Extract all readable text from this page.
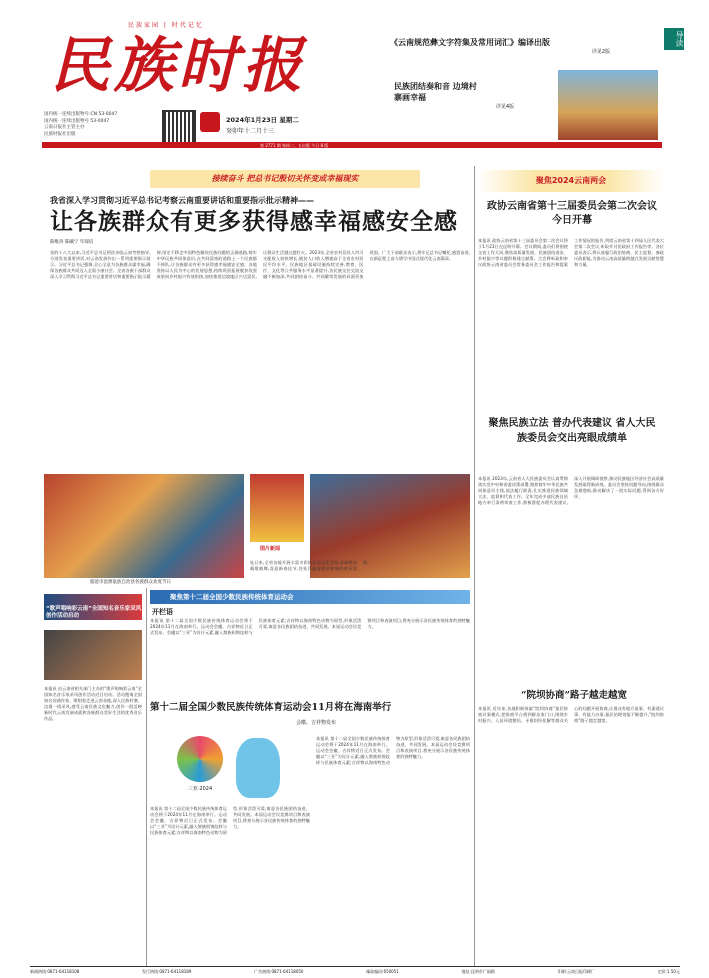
民族家园 | 时代记忆
民族时报
国内统一连续出版物号:CN 53-0047
国内统一连续出版物号 53-0047
云南日报社主管主办
民族时报社出版
2024年1月23日 星期二
癸卯年十二月十三
第 2771 期 每周二、五出版 今日 8 版
《云南规范彝文字符集及常用词汇》编译出版
详见2版
民族团结奏和音 边境村寨画幸福
详见4版
导读
接续奋斗 把总书记殷切关怀变成幸福现实
我省深入学习贯彻习近平总书记考察云南重要讲话和重要指示批示精神——
让各族群众有更多获得感幸福感安全感
陈维涛 陈曦宁 毕琛培
党的十八大以来,习近平总书记两次亲临云南考察指导,分别发表重要讲话,对云南发展作出一系列重要指示批示。习近平总书记强调,全心全意为各族群众谋幸福,确保各族群众共同迈入全面小康社会。全省各族干部群众深入学习贯彻习近平总书记重要讲话和重要指示批示精神,坚定不移走中国特色解决民族问题的正确道路,铸牢中华民族共同体意识,在共同富裕的道路上一个民族都不掉队,让各族群众有更多获得感幸福感安全感。各地坚持以人民为中心的发展思想,持续巩固拓展脱贫攻坚成果同乡村振兴有效衔接,加快推进边境地区兴边富民,让群众生活越过越红火。2023年,全省农村居民人均可支配收入较快增长,脱贫人口收入增速高于全省农村居民平均水平。民族地区基础设施持续完善,教育、医疗、文化等公共服务水平显著提升,各民族交往交流交融不断加深,共同团结奋斗、共同繁荣发展的局面更加巩固。广大干部群众表示,将牢记总书记嘱托,感恩奋进,在新征程上奋力谱写中国式现代化云南篇章。
临沧市沧源佤族自治县各族群众欢度节日
图片新闻
连日来,全省各地开展丰富多彩的民俗文化活动,各族群众载歌载舞,喜迎新春佳节,处处洋溢着团结和谐的欢乐氛围。
“歌声唱响彩云南”全国知名音乐家采风创作活动启动
本报讯 由云南省相关部门主办的“歌声唱响彩云南”全国知名音乐家采风创作活动近日启动。活动邀请全国知名词曲作家、歌唱家走进云南各地,深入民族村寨、边境一线采风,感受云南民族文化魅力,创作一批反映新时代云南发展成就和各族群众美好生活的优秀音乐作品。
聚焦第十二届全国少数民族传统体育运动会
开栏语
本报讯 第十二届全国少数民族传统体育运动会将于2024年11月在海南举行。运动会会徽、吉祥物近日正式发布。会徽以“三亚”为设计元素,融入黎族织锦纹样与民族体育元素;吉祥物以海南特色动物为原型,形象活泼可爱,寓意各民族团结奋进、共同发展。本届运动会设竞赛项目和表演项目,将充分展示各民族传统体育的独特魅力。
第十二届全国少数民族传统体育运动会11月将在海南举行
会徽、吉祥物发布
三亚·2024
本报讯 第十二届全国少数民族传统体育运动会将于2024年11月在海南举行。运动会会徽、吉祥物近日正式发布。会徽以“三亚”为设计元素,融入黎族织锦纹样与民族体育元素;吉祥物以海南特色动物为原型,形象活泼可爱,寓意各民族团结奋进、共同发展。本届运动会设竞赛项目和表演项目,将充分展示各民族传统体育的独特魅力。
本报讯 第十二届全国少数民族传统体育运动会将于2024年11月在海南举行。运动会会徽、吉祥物近日正式发布。会徽以“三亚”为设计元素,融入黎族织锦纹样与民族体育元素;吉祥物以海南特色动物为原型,形象活泼可爱,寓意各民族团结奋进、共同发展。本届运动会设竞赛项目和表演项目,将充分展示各民族传统体育的独特魅力。
聚焦2024云南两会
政协云南省第十三届委员会第二次会议今日开幕
本报讯 政协云南省第十三届委员会第二次会议将于1月23日在昆明开幕。会议期间,委员们将围绕全省工作大局,聚焦高质量发展、民族团结进步、乡村振兴等议题积极建言献策。大会将听取和审议政协云南省委员会常务委员会工作报告和提案工作情况的报告,列席云南省第十四届人民代表大会第二次会议,听取并讨论政府工作报告等。各位委员表示,将认真履行政治协商、民主监督、参政议政职能,为推动云南高质量跨越式发展贡献智慧和力量。
聚焦民族立法 普办代表建议 省人大民族委员会交出亮眼成绩单
本报讯 2023年,云南省人大民族委员会认真贯彻落实党中央和省委决策部署,聚焦铸牢中华民族共同体意识主线,依法履行职责,扎实推进民族领域立法、监督和代表工作。全年完成多部民族自治地方单行条例审查工作,积极督促办理代表建议,深入开展调研视察,推动民族地区经济社会高质量发展取得新成效。委员会坚持问题导向,围绕群众急难愁盼,推动解决了一批实际问题,得到各方好评。
“院坝协商”路子越走越宽
本报讯 近年来,各地积极探索“院坝协商”基层协商议事模式,把协商平台搭到群众家门口,围绕乡村振兴、人居环境整治、矛盾纠纷化解等群众关心的问题开展协商,让群众有地方说事、有渠道议事、有能力办事,基层治理效能不断提升,“院坝协商”路子越走越宽。
新闻热线:0871-64118108	发行热线:0871-64118189	广告热线:0871-64118050	邮政编码:650051	地址:昆明市广福路	印刷:云南日报印刷厂	定价:1.50元
